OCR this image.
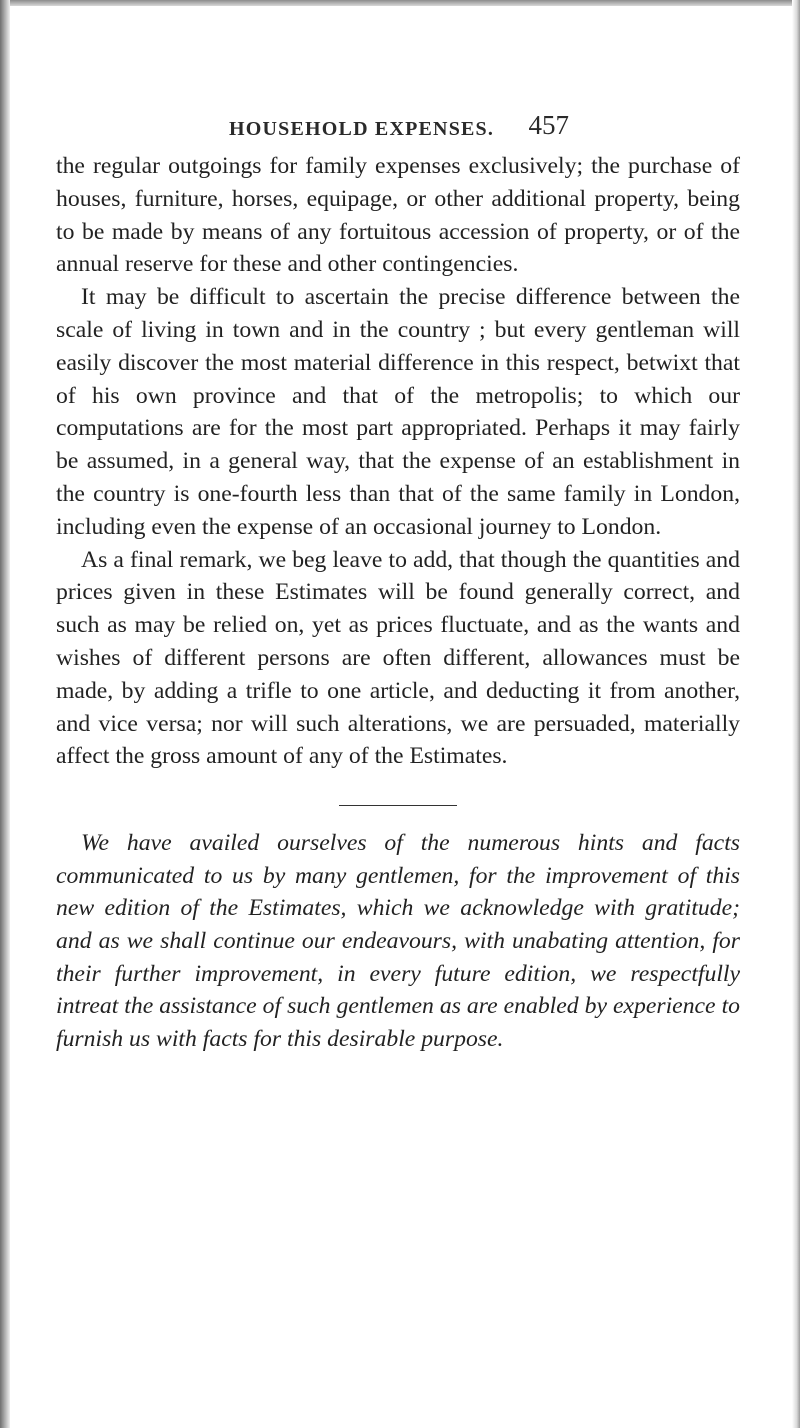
HOUSEHOLD EXPENSES. 457

the regular outgoings for family expenses exclusively; the purchase of houses, furniture, horses, equipage, or other additional property, being to be made by means of any fortuitous accession of property, or of the annual reserve for these and other contingencies.

It may be difficult to ascertain the precise difference between the scale of living in town and in the country ; but every gentleman will easily discover the most material difference in this respect, betwixt that of his own province and that of the metropolis; to which our computations are for the most part appropriated. Perhaps it may fairly be assumed, in a general way, that the expense of an establishment in the country is one-fourth less than that of the same family in London, including even the expense of an occasional journey to London.

As a final remark, we beg leave to add, that though the quantities and prices given in these Estimates will be found generally correct, and such as may be relied on, yet as prices fluctuate, and as the wants and wishes of different persons are often different, allowances must be made, by adding a trifle to one article, and deducting it from another, and vice versa; nor will such alterations, we are persuaded, materially affect the gross amount of any of the Estimates.

We have availed ourselves of the numerous hints and facts communicated to us by many gentlemen, for the improvement of this new edition of the Estimates, which we acknowledge with gratitude; and as we shall continue our endeavours, with unabating attention, for their further improvement, in every future edition, we respectfully intreat the assistance of such gentlemen as are enabled by experience to furnish us with facts for this desirable purpose.
